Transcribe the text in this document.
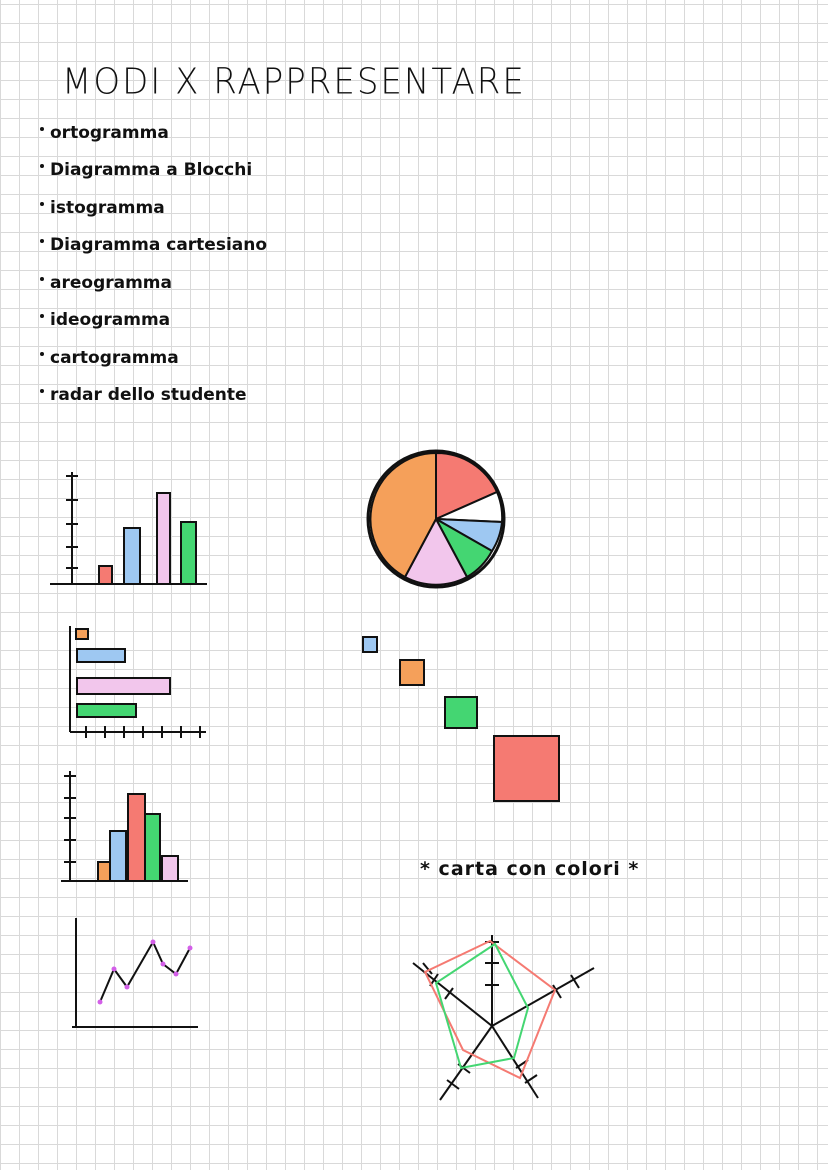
MODI X RAPPRESENTARE
ortogramma
Diagramma a Blocchi
istogramma
Diagramma cartesiano
areogramma
ideogramma
cartogramma
radar dello studente
* carta con colori *
